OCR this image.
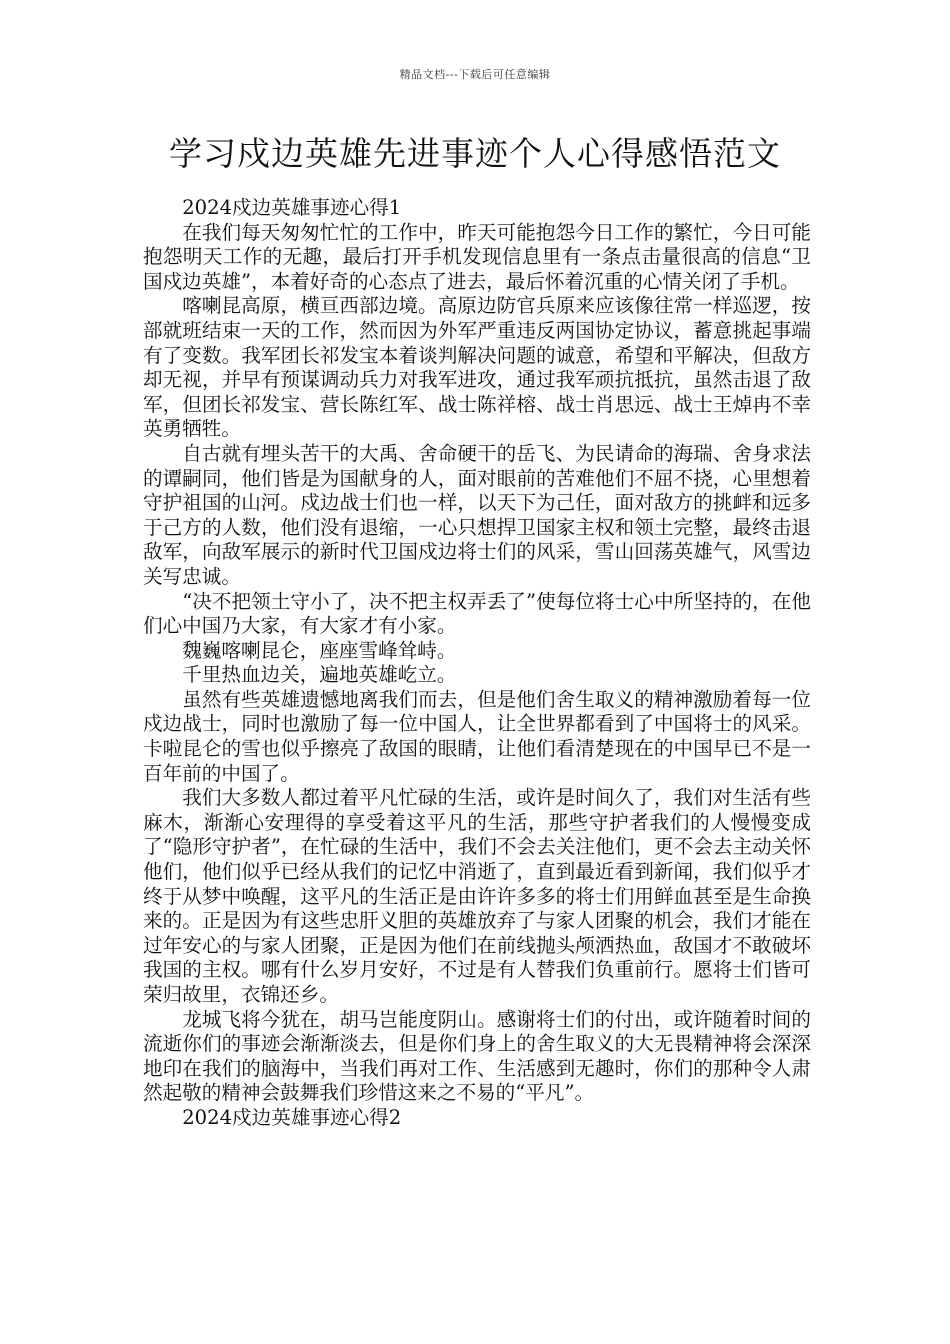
精品文档---下载后可任意编辑
学习戍边英雄先进事迹个人心得感悟范文

2024戍边英雄事迹心得1

在我们每天匆匆忙忙的工作中，昨天可能抱怨今日工作的繁忙，今日可能抱怨明天工作的无趣，最后打开手机发现信息里有一条点击量很高的信息“卫国戍边英雄”，本着好奇的心态点了进去，最后怀着沉重的心情关闭了手机。

喀喇昆高原，横亘西部边境。高原边防官兵原来应该像往常一样巡逻，按部就班结束一天的工作，然而因为外军严重违反两国协定协议，蓄意挑起事端有了变数。我军团长祁发宝本着谈判解决问题的诚意，希望和平解决，但敌方却无视，并早有预谋调动兵力对我军进攻，通过我军顽抗抵抗，虽然击退了敌军，但团长祁发宝、营长陈红军、战士陈祥榕、战士肖思远、战士王焯冉不幸英勇牺牲。

自古就有埋头苦干的大禹、舍命硬干的岳飞、为民请命的海瑞、舍身求法的谭嗣同，他们皆是为国献身的人，面对眼前的苦难他们不屈不挠，心里想着守护祖国的山河。戍边战士们也一样，以天下为己任，面对敌方的挑衅和远多于己方的人数，他们没有退缩，一心只想捍卫国家主权和领土完整，最终击退敌军，向敌军展示的新时代卫国戍边将士们的风采，雪山回荡英雄气，风雪边关写忠诚。

“决不把领土守小了，决不把主权弄丢了”使每位将士心中所坚持的，在他们心中国乃大家，有大家才有小家。

魏巍喀喇昆仑，座座雪峰耸峙。

千里热血边关，遍地英雄屹立。

虽然有些英雄遗憾地离我们而去，但是他们舍生取义的精神激励着每一位戍边战士，同时也激励了每一位中国人，让全世界都看到了中国将士的风采。卡啦昆仑的雪也似乎擦亮了敌国的眼睛，让他们看清楚现在的中国早已不是一百年前的中国了。

我们大多数人都过着平凡忙碌的生活，或许是时间久了，我们对生活有些麻木，渐渐心安理得的享受着这平凡的生活，那些守护者我们的人慢慢变成了“隐形守护者”，在忙碌的生活中，我们不会去关注他们，更不会去主动关怀他们，他们似乎已经从我们的记忆中消逝了，直到最近看到新闻，我们似乎才终于从梦中唤醒，这平凡的生活正是由许许多多的将士们用鲜血甚至是生命换来的。正是因为有这些忠肝义胆的英雄放弃了与家人团聚的机会，我们才能在过年安心的与家人团聚，正是因为他们在前线抛头颅洒热血，敌国才不敢破坏我国的主权。哪有什么岁月安好，不过是有人替我们负重前行。愿将士们皆可荣归故里，衣锦还乡。

龙城飞将今犹在，胡马岂能度阴山。感谢将士们的付出，或许随着时间的流逝你们的事迹会渐渐淡去，但是你们身上的舍生取义的大无畏精神将会深深地印在我们的脑海中，当我们再对工作、生活感到无趣时，你们的那种令人肃然起敬的精神会鼓舞我们珍惜这来之不易的“平凡”。

2024戍边英雄事迹心得2
